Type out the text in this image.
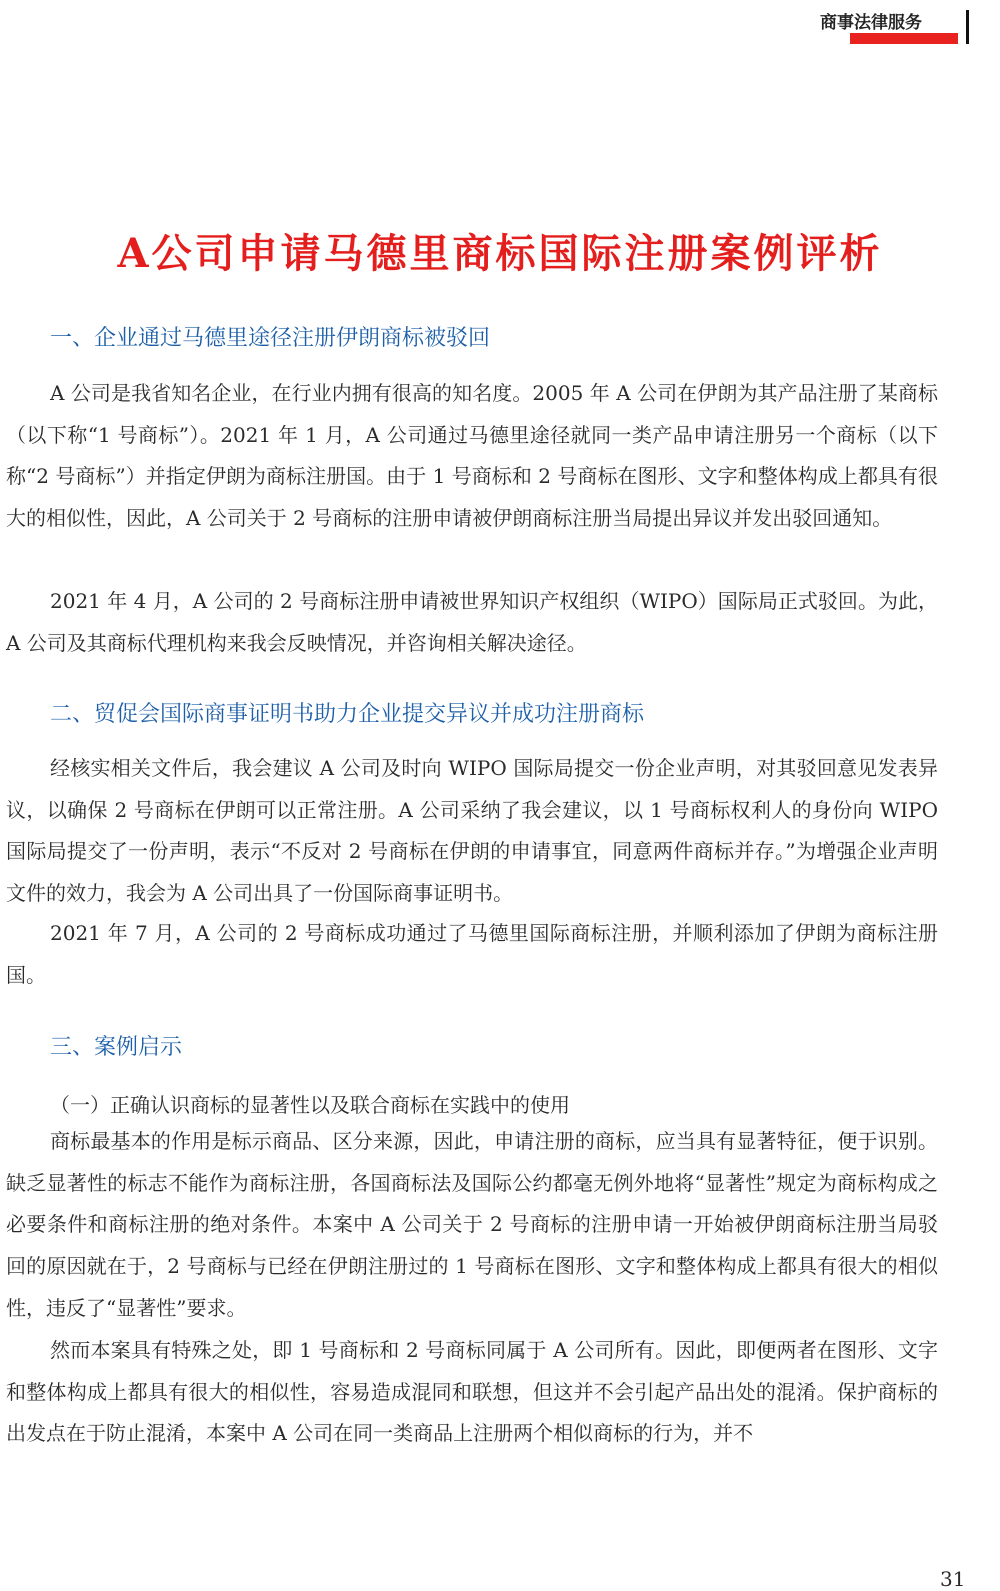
商事法律服务
A公司申请马德里商标国际注册案例评析
一、企业通过马德里途径注册伊朗商标被驳回

A 公司是我省知名企业，在行业内拥有很高的知名度。2005 年 A 公司在伊朗为其产品注册了某商标（以下称“1 号商标”）。2021 年 1 月，A 公司通过马德里途径就同一类产品申请注册另一个商标（以下称“2 号商标”）并指定伊朗为商标注册国。由于 1 号商标和 2 号商标在图形、文字和整体构成上都具有很大的相似性，因此，A 公司关于 2 号商标的注册申请被伊朗商标注册当局提出异议并发出驳回通知。

2021 年 4 月，A 公司的 2 号商标注册申请被世界知识产权组织（WIPO）国际局正式驳回。为此，A 公司及其商标代理机构来我会反映情况，并咨询相关解决途径。

二、贸促会国际商事证明书助力企业提交异议并成功注册商标

经核实相关文件后，我会建议 A 公司及时向 WIPO 国际局提交一份企业声明，对其驳回意见发表异议，以确保 2 号商标在伊朗可以正常注册。A 公司采纳了我会建议，以 1 号商标权利人的身份向 WIPO 国际局提交了一份声明，表示“不反对 2 号商标在伊朗的申请事宜，同意两件商标并存。”为增强企业声明文件的效力，我会为 A 公司出具了一份国际商事证明书。

2021 年 7 月，A 公司的 2 号商标成功通过了马德里国际商标注册，并顺利添加了伊朗为商标注册国。

三、案例启示
（一）正确认识商标的显著性以及联合商标在实践中的使用

商标最基本的作用是标示商品、区分来源，因此，申请注册的商标，应当具有显著特征，便于识别。缺乏显著性的标志不能作为商标注册，各国商标法及国际公约都毫无例外地将“显著性”规定为商标构成之必要条件和商标注册的绝对条件。本案中 A 公司关于 2 号商标的注册申请一开始被伊朗商标注册当局驳回的原因就在于，2 号商标与已经在伊朗注册过的 1 号商标在图形、文字和整体构成上都具有很大的相似性，违反了“显著性”要求。

然而本案具有特殊之处，即 1 号商标和 2 号商标同属于 A 公司所有。因此，即便两者在图形、文字和整体构成上都具有很大的相似性，容易造成混同和联想，但这并不会引起产品出处的混淆。保护商标的出发点在于防止混淆，本案中 A 公司在同一类商品上注册两个相似商标的行为，并不

31
